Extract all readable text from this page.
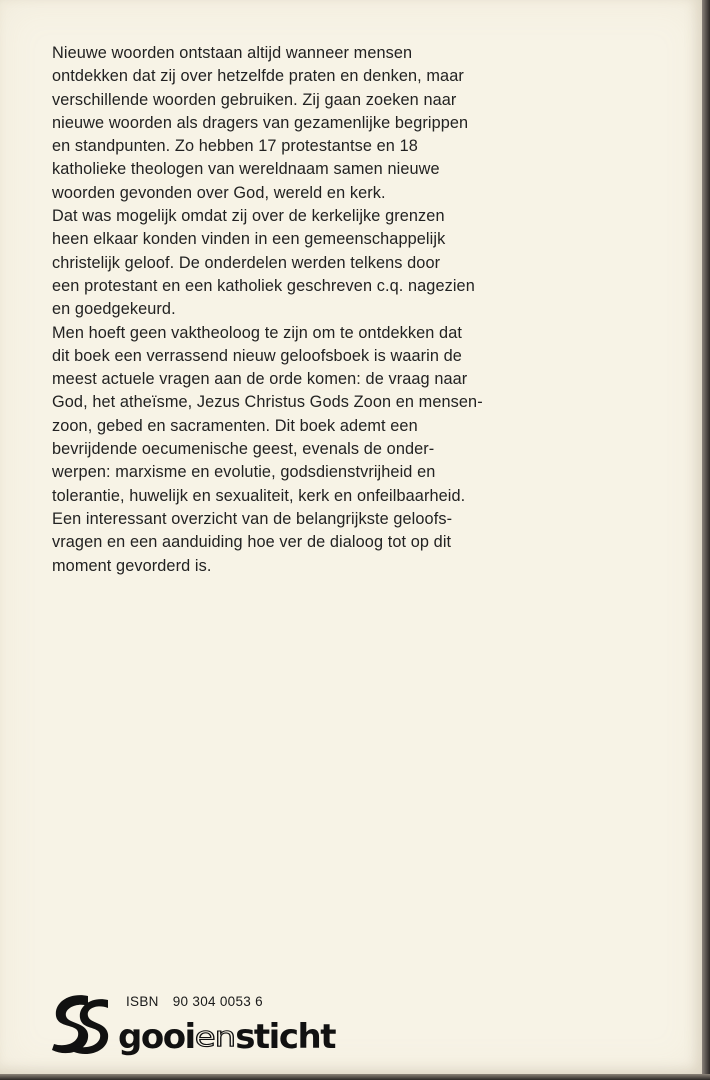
Nieuwe woorden ontstaan altijd wanneer mensen
ontdekken dat zij over hetzelfde praten en denken, maar
verschillende woorden gebruiken. Zij gaan zoeken naar
nieuwe woorden als dragers van gezamenlijke begrippen
en standpunten. Zo hebben 17 protestantse en 18
katholieke theologen van wereldnaam samen nieuwe
woorden gevonden over God, wereld en kerk.
Dat was mogelijk omdat zij over de kerkelijke grenzen
heen elkaar konden vinden in een gemeenschappelijk
christelijk geloof. De onderdelen werden telkens door
een protestant en een katholiek geschreven c.q. nagezien
en goedgekeurd.
Men hoeft geen vaktheoloog te zijn om te ontdekken dat
dit boek een verrassend nieuw geloofsboek is waarin de
meest actuele vragen aan de orde komen: de vraag naar
God, het atheïsme, Jezus Christus Gods Zoon en mensen-
zoon, gebed en sacramenten. Dit boek ademt een
bevrijdende oecumenische geest, evenals de onder-
werpen: marxisme en evolutie, godsdienstvrijheid en
tolerantie, huwelijk en sexualiteit, kerk en onfeilbaarheid.
Een interessant overzicht van de belangrijkste geloofs-
vragen en een aanduiding hoe ver de dialoog tot op dit
moment gevorderd is.
ISBN 90 304 0053 6
gooiensticht
